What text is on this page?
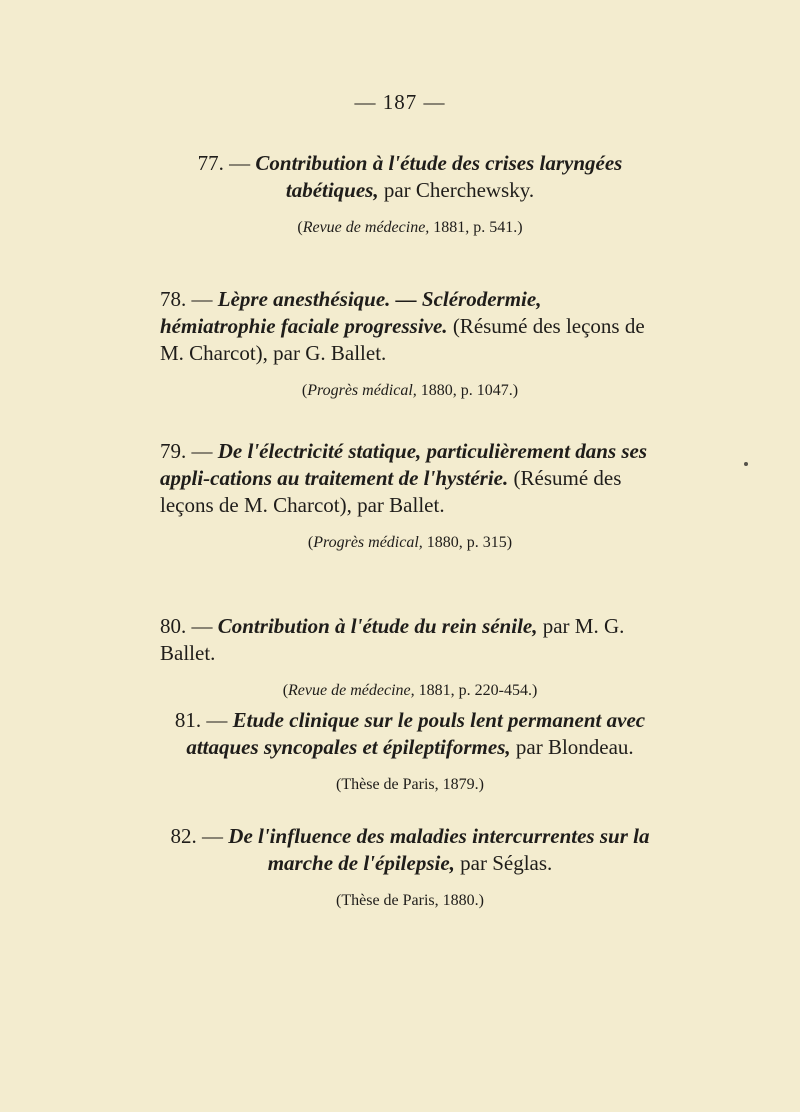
— 187 —

77. — Contribution à l'étude des crises laryngées tabétiques, par Cherchewsky.

(Revue de médecine, 1881, p. 541.)

78. — Lèpre anesthésique. — Sclérodermie, hémiatrophie faciale progressive. (Résumé des leçons de M. Charcot), par G. Ballet.

(Progrès médical, 1880, p. 1047.)

79. — De l'électricité statique, particulièrement dans ses appli-cations au traitement de l'hystérie. (Résumé des leçons de M. Charcot), par Ballet.

(Progrès médical, 1880, p. 315)

80. — Contribution à l'étude du rein sénile, par M. G. Ballet.

(Revue de médecine, 1881, p. 220-454.)

81. — Etude clinique sur le pouls lent permanent avec attaques syncopales et épileptiformes, par Blondeau.

(Thèse de Paris, 1879.)

82. — De l'influence des maladies intercurrentes sur la marche de l'épilepsie, par Séglas.

(Thèse de Paris, 1880.)
